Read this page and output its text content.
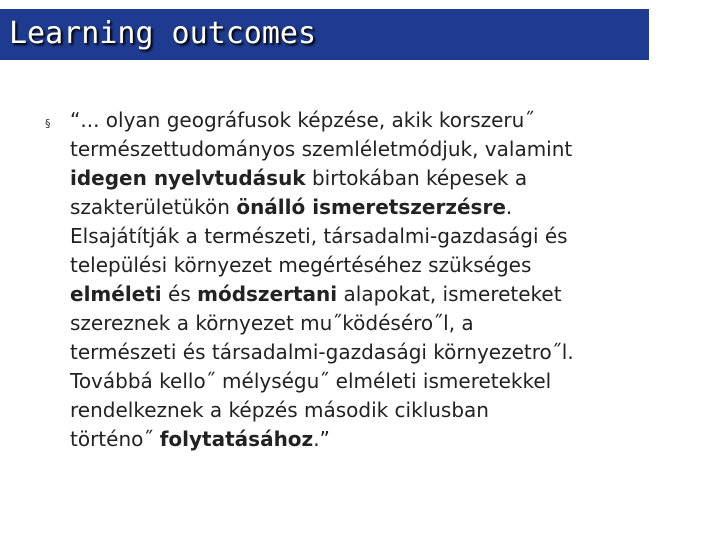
Learning outcomes
§ “... olyan geográfusok képzése, akik korszeru˝
természettudományos szemléletmódjuk, valamint
idegen nyelvtudásuk birtokában képesek a
szakterületükön önálló ismeretszerzésre.
Elsajátítják a természeti, társadalmi-gazdasági és
települési környezet megértéséhez szükséges
elméleti és módszertani alapokat, ismereteket
szereznek a környezet mu˝ködéséro˝l, a
természeti és társadalmi-gazdasági környezetro˝l.
Továbbá kello˝ mélységu˝ elméleti ismeretekkel
rendelkeznek a képzés második ciklusban
történo˝ folytatásához.”
